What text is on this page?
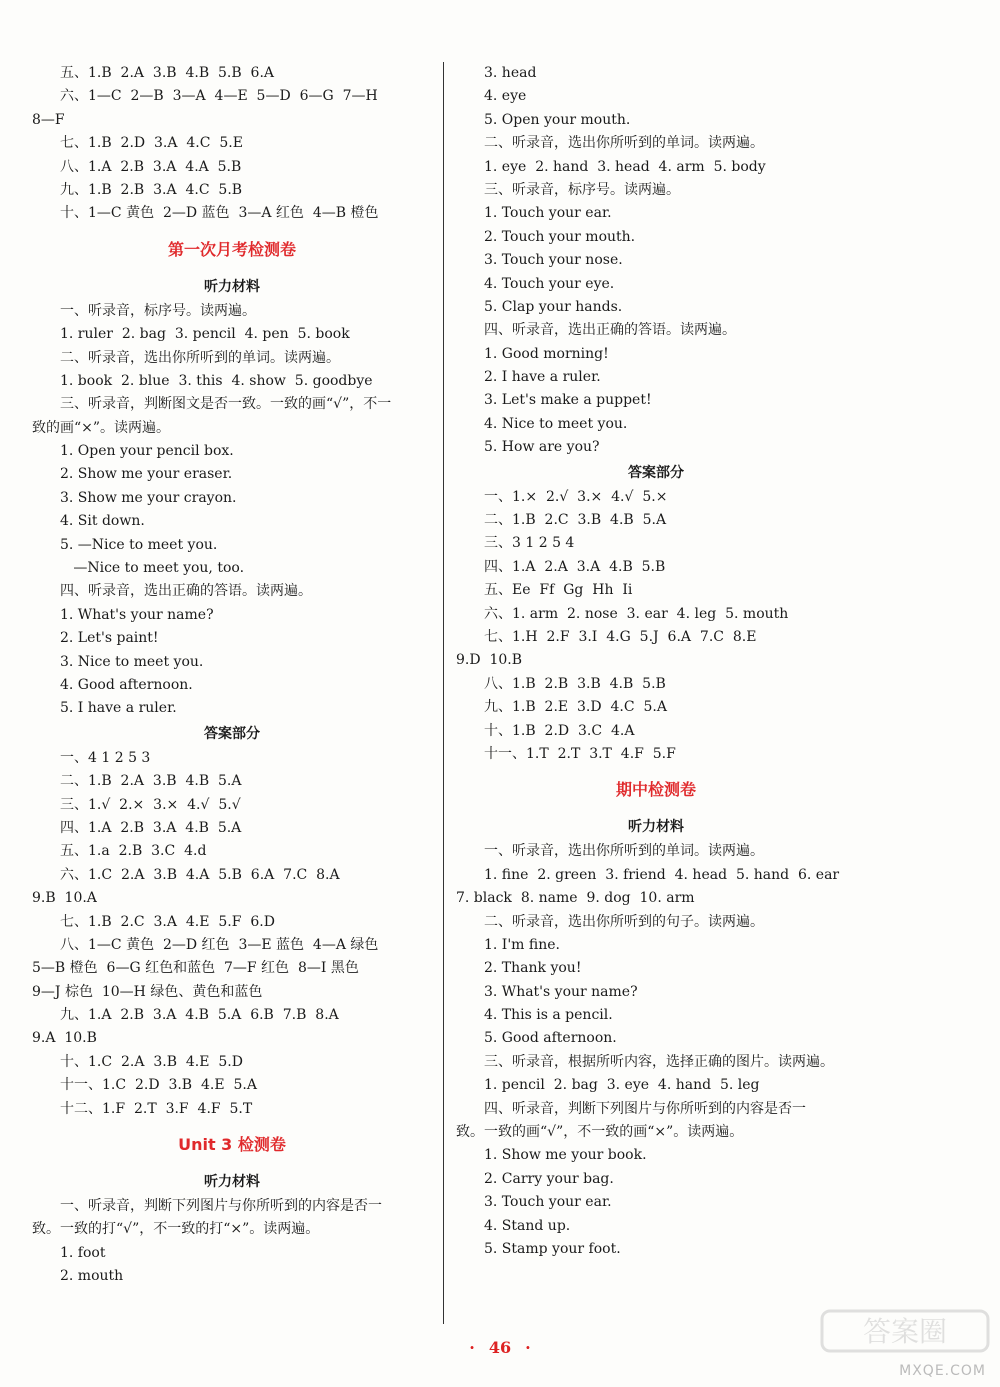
五、1.B  2.A  3.B  4.B  5.B  6.A
六、1—C  2—B  3—A  4—E  5—D  6—G  7—H
8—F
七、1.B  2.D  3.A  4.C  5.E
八、1.A  2.B  3.A  4.A  5.B
九、1.B  2.B  3.A  4.C  5.B
十、1—C 黄色  2—D 蓝色  3—A 红色  4—B 橙色
第一次月考检测卷
听力材料
一、听录音，标序号。读两遍。
1. ruler  2. bag  3. pencil  4. pen  5. book
二、听录音，选出你所听到的单词。读两遍。
1. book  2. blue  3. this  4. show  5. goodbye
三、听录音，判断图文是否一致。一致的画“√”，不一
致的画“×”。读两遍。
1. Open your pencil box.
2. Show me your eraser.
3. Show me your crayon.
4. Sit down.
5. —Nice to meet you.
—Nice to meet you, too.
四、听录音，选出正确的答语。读两遍。
1. What's your name?
2. Let's paint!
3. Nice to meet you.
4. Good afternoon.
5. I have a ruler.
答案部分
一、4 1 2 5 3
二、1.B  2.A  3.B  4.B  5.A
三、1.√  2.×  3.×  4.√  5.√
四、1.A  2.B  3.A  4.B  5.A
五、1.a  2.B  3.C  4.d
六、1.C  2.A  3.B  4.A  5.B  6.A  7.C  8.A
9.B  10.A
七、1.B  2.C  3.A  4.E  5.F  6.D
八、1—C 黄色  2—D 红色  3—E 蓝色  4—A 绿色
5—B 橙色  6—G 红色和蓝色  7—F 红色  8—I 黑色
9—J 棕色  10—H 绿色、黄色和蓝色
九、1.A  2.B  3.A  4.B  5.A  6.B  7.B  8.A
9.A  10.B
十、1.C  2.A  3.B  4.E  5.D
十一、1.C  2.D  3.B  4.E  5.A
十二、1.F  2.T  3.F  4.F  5.T
Unit 3 检测卷
听力材料
一、听录音，判断下列图片与你所听到的内容是否一
致。一致的打“√”，不一致的打“×”。读两遍。
1. foot
2. mouth
3. head
4. eye
5. Open your mouth.
二、听录音，选出你所听到的单词。读两遍。
1. eye  2. hand  3. head  4. arm  5. body
三、听录音，标序号。读两遍。
1. Touch your ear.
2. Touch your mouth.
3. Touch your nose.
4. Touch your eye.
5. Clap your hands.
四、听录音，选出正确的答语。读两遍。
1. Good morning!
2. I have a ruler.
3. Let's make a puppet!
4. Nice to meet you.
5. How are you?
答案部分
一、1.×  2.√  3.×  4.√  5.×
二、1.B  2.C  3.B  4.B  5.A
三、3 1 2 5 4
四、1.A  2.A  3.A  4.B  5.B
五、Ee  Ff  Gg  Hh  Ii
六、1. arm  2. nose  3. ear  4. leg  5. mouth
七、1.H  2.F  3.I  4.G  5.J  6.A  7.C  8.E
9.D  10.B
八、1.B  2.B  3.B  4.B  5.B
九、1.B  2.E  3.D  4.C  5.A
十、1.B  2.D  3.C  4.A
十一、1.T  2.T  3.T  4.F  5.F
期中检测卷
听力材料
一、听录音，选出你所听到的单词。读两遍。
1. fine  2. green  3. friend  4. head  5. hand  6. ear
7. black  8. name  9. dog  10. arm
二、听录音，选出你所听到的句子。读两遍。
1. I'm fine.
2. Thank you!
3. What's your name?
4. This is a pencil.
5. Good afternoon.
三、听录音，根据所听内容，选择正确的图片。读两遍。
1. pencil  2. bag  3. eye  4. hand  5. leg
四、听录音，判断下列图片与你所听到的内容是否一
致。一致的画“√”，不一致的画“×”。读两遍。
1. Show me your book.
2. Carry your bag.
3. Touch your ear.
4. Stand up.
5. Stamp your foot.
· 46 ·	答案圈
MXQE.COM
